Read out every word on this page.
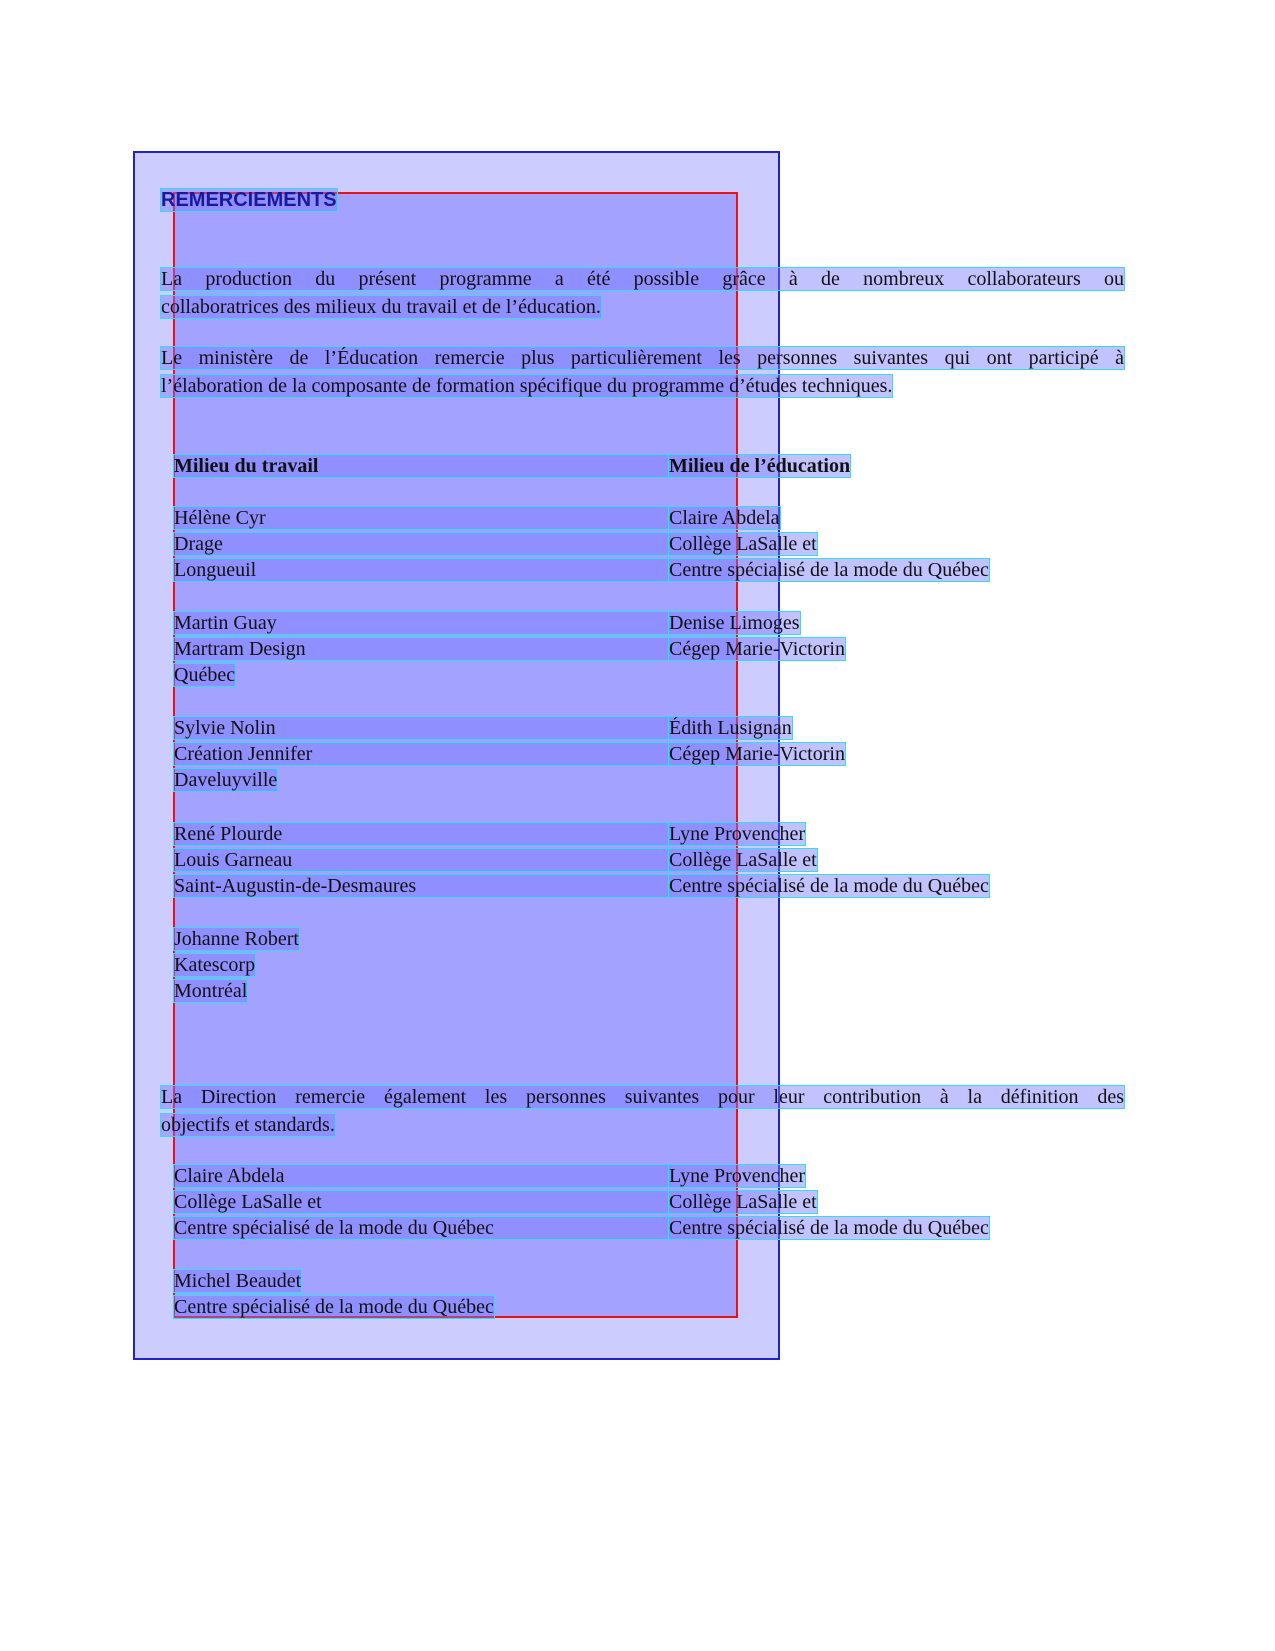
REMERCIEMENTS
La production du présent programme a été possible grâce à de nombreux collaborateurs ou
collaboratrices des milieux du travail et de l’éducation.
Le ministère de l’Éducation remercie plus particulièrement les personnes suivantes qui ont participé à
l’élaboration de la composante de formation spécifique du programme d’études techniques.
Milieu du travail	Milieu de l’éducation
Hélène Cyr
Drage
Longueuil
Martin Guay
Martram Design
Québec
Sylvie Nolin
Création Jennifer
Daveluyville
René Plourde
Louis Garneau
Saint-Augustin-de-Desmaures
Johanne Robert
Katescorp
Montréal
Claire Abdela
Collège LaSalle et
Centre spécialisé de la mode du Québec
Denise Limoges
Cégep Marie-Victorin
Édith Lusignan
Cégep Marie-Victorin
Lyne Provencher
Collège LaSalle et
Centre spécialisé de la mode du Québec
La Direction remercie également les personnes suivantes pour leur contribution à la définition des
objectifs et standards.
Claire Abdela
Collège LaSalle et
Centre spécialisé de la mode du Québec
Michel Beaudet
Centre spécialisé de la mode du Québec
Lyne Provencher
Collège LaSalle et
Centre spécialisé de la mode du Québec
